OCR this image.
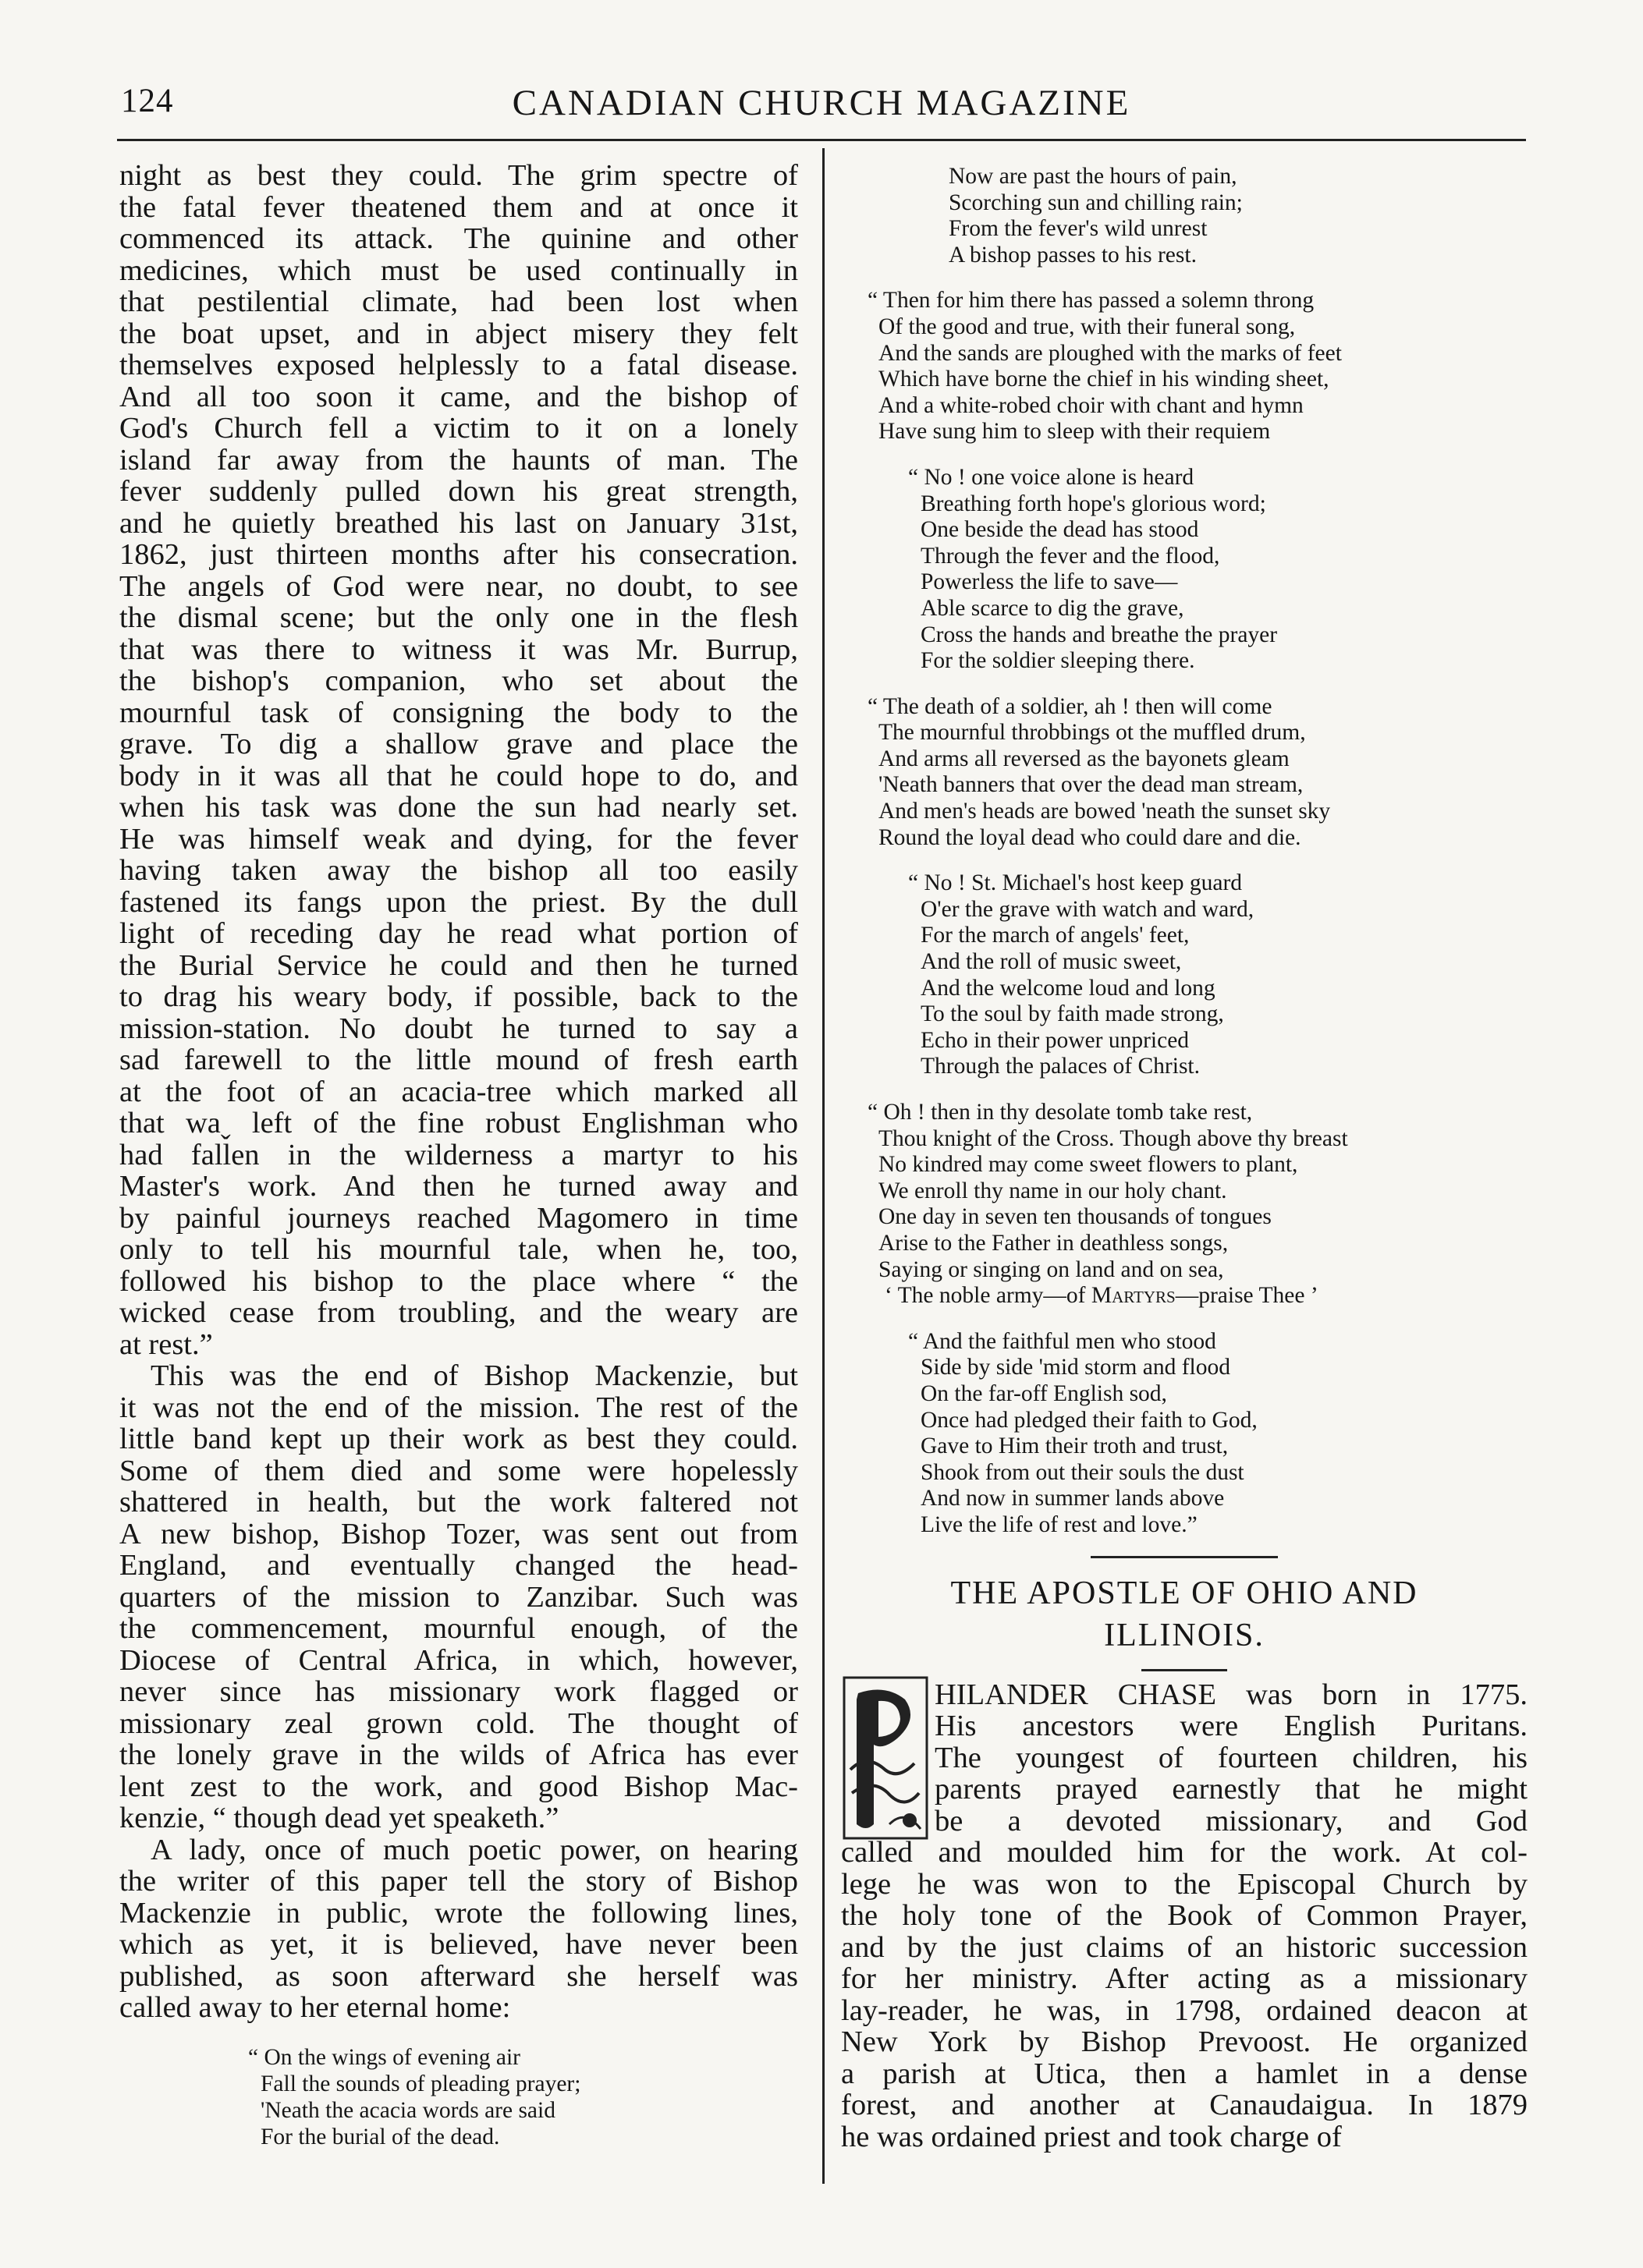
124	CANADIAN CHURCH MAGAZINE
night as best they could. The grim spectre of
the fatal fever theatened them and at once it
commenced its attack. The quinine and other
medicines, which must be used continually in
that pestilential climate, had been lost when
the boat upset, and in abject misery they felt
themselves exposed helplessly to a fatal disease.
And all too soon it came, and the bishop of
God's Church fell a victim to it on a lonely
island far away from the haunts of man. The
fever suddenly pulled down his great strength,
and he quietly breathed his last on January 31st,
1862, just thirteen months after his consecration.
The angels of God were near, no doubt, to see
the dismal scene; but the only one in the flesh
that was there to witness it was Mr. Burrup,
the bishop's companion, who set about the
mournful task of consigning the body to the
grave. To dig a shallow grave and place the
body in it was all that he could hope to do, and
when his task was done the sun had nearly set.
He was himself weak and dying, for the fever
having taken away the bishop all too easily
fastened its fangs upon the priest. By the dull
light of receding day he read what portion of
the Burial Service he could and then he turned
to drag his weary body, if possible, back to the
mission-station. No doubt he turned to say a
sad farewell to the little mound of fresh earth
at the foot of an acacia-tree which marked all
that waˬ left of the fine robust Englishman who
had fallen in the wilderness a martyr to his
Master's work. And then he turned away and
by painful journeys reached Magomero in time
only to tell his mournful tale, when he, too,
followed his bishop to the place where “ the
wicked cease from troubling, and the weary are
at rest.”
This was the end of Bishop Mackenzie, but
it was not the end of the mission. The rest of the
little band kept up their work as best they could.
Some of them died and some were hopelessly
shattered in health, but the work faltered not
A new bishop, Bishop Tozer, was sent out from
England, and eventually changed the head-
quarters of the mission to Zanzibar. Such was
the commencement, mournful enough, of the
Diocese of Central Africa, in which, however,
never since has missionary work flagged or
missionary zeal grown cold. The thought of
the lonely grave in the wilds of Africa has ever
lent zest to the work, and good Bishop Mac-
kenzie, “ though dead yet speaketh.”
A lady, once of much poetic power, on hearing
the writer of this paper tell the story of Bishop
Mackenzie in public, wrote the following lines,
which as yet, it is believed, have never been
published, as soon afterward she herself was
called away to her eternal home:
“ On the wings of evening air
Fall the sounds of pleading prayer;
'Neath the acacia words are said
For the burial of the dead.
Now are past the hours of pain,
Scorching sun and chilling rain;
From the fever's wild unrest
A bishop passes to his rest.
“ Then for him there has passed a solemn throng
Of the good and true, with their funeral song,
And the sands are ploughed with the marks of feet
Which have borne the chief in his winding sheet,
And a white-robed choir with chant and hymn
Have sung him to sleep with their requiem
“ No ! one voice alone is heard
Breathing forth hope's glorious word;
One beside the dead has stood
Through the fever and the flood,
Powerless the life to save—
Able scarce to dig the grave,
Cross the hands and breathe the prayer
For the soldier sleeping there.
“ The death of a soldier, ah ! then will come
The mournful throbbings ot the muffled drum,
And arms all reversed as the bayonets gleam
'Neath banners that over the dead man stream,
And men's heads are bowed 'neath the sunset sky
Round the loyal dead who could dare and die.
“ No ! St. Michael's host keep guard
O'er the grave with watch and ward,
For the march of angels' feet,
And the roll of music sweet,
And the welcome loud and long
To the soul by faith made strong,
Echo in their power unpriced
Through the palaces of Christ.
“ Oh ! then in thy desolate tomb take rest,
Thou knight of the Cross. Though above thy breast
No kindred may come sweet flowers to plant,
We enroll thy name in our holy chant.
One day in seven ten thousands of tongues
Arise to the Father in deathless songs,
Saying or singing on land and on sea,
‘ The noble army—of Martyrs—praise Thee ’
“ And the faithful men who stood
Side by side 'mid storm and flood
On the far-off English sod,
Once had pledged their faith to God,
Gave to Him their troth and trust,
Shook from out their souls the dust
And now in summer lands above
Live the life of rest and love.”
THE APOSTLE OF OHIO AND
ILLINOIS.
HILANDER CHASE was born in 1775.
His ancestors were English Puritans.
The youngest of fourteen children, his
parents prayed earnestly that he might
be a devoted missionary, and God
called and moulded him for the work. At col-
lege he was won to the Episcopal Church by
the holy tone of the Book of Common Prayer,
and by the just claims of an historic succession
for her ministry. After acting as a missionary
lay-reader, he was, in 1798, ordained deacon at
New York by Bishop Prevoost. He organized
a parish at Utica, then a hamlet in a dense
forest, and another at Canaudaigua. In 1879
he was ordained priest and took charge of
